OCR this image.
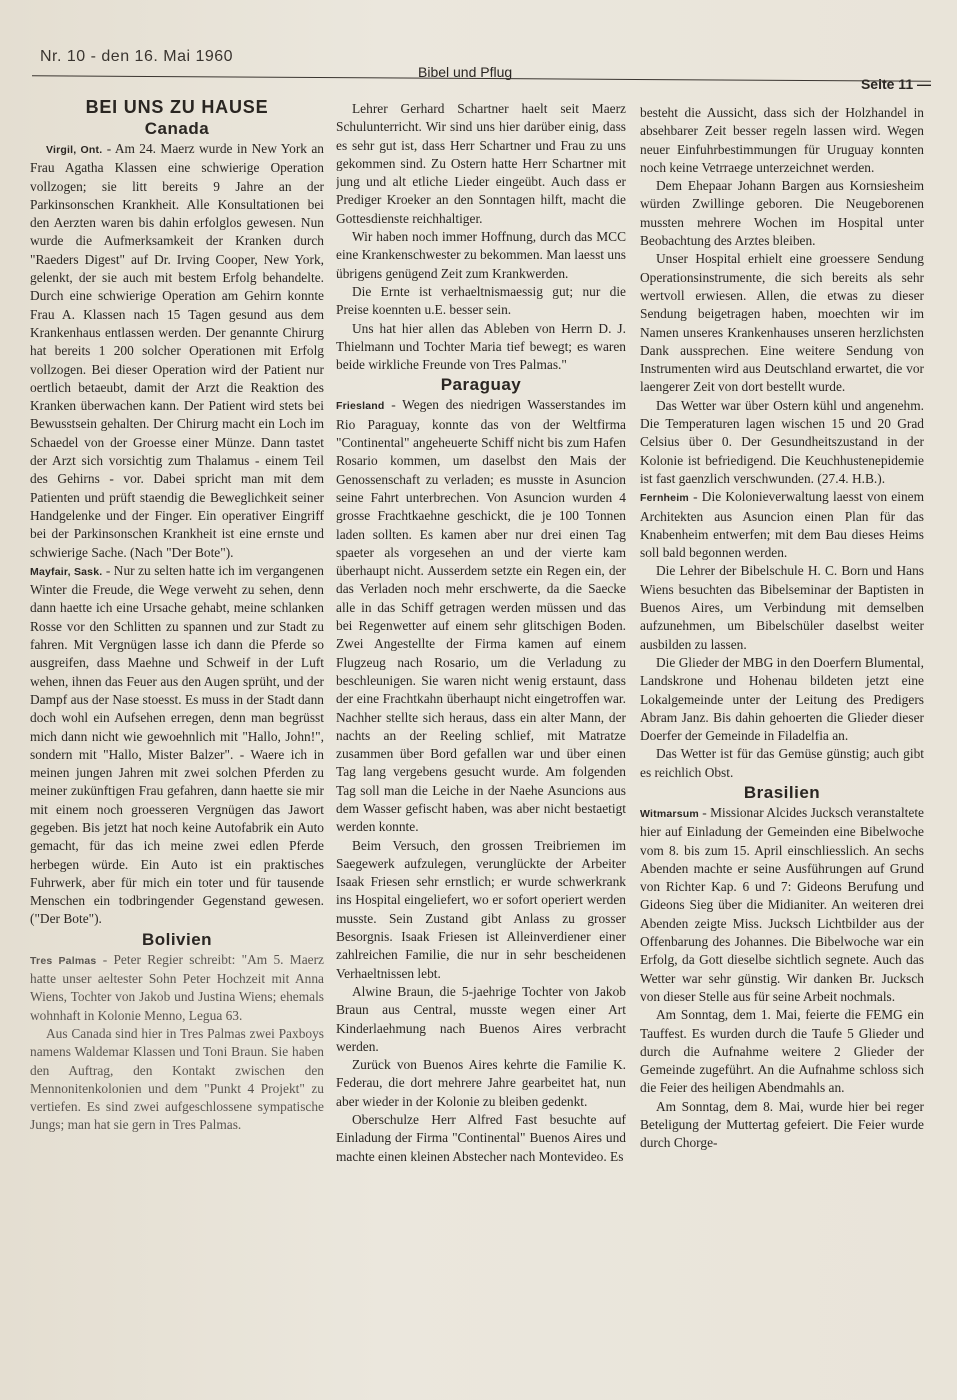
Nr. 10 - den 16. Mai 1960
Bibel und Pflug
Seite 11 —
BEI UNS ZU HAUSE
Canada

Virgil, Ont. - Am 24. Maerz wurde in New York an Frau Agatha Klassen eine schwierige Operation vollzogen; sie litt bereits 9 Jahre an der Parkinsonschen Krankheit. Alle Konsultationen bei den Aerzten waren bis dahin erfolglos gewesen. Nun wurde die Aufmerksamkeit der Kranken durch "Raeders Digest" auf Dr. Irving Cooper, New York, gelenkt, der sie auch mit bestem Erfolg behandelte. Durch eine schwierige Operation am Gehirn konnte Frau A. Klassen nach 15 Tagen gesund aus dem Krankenhaus entlassen werden. Der genannte Chirurg hat bereits 1 200 solcher Operationen mit Erfolg vollzogen. Bei dieser Operation wird der Patient nur oertlich betaeubt, damit der Arzt die Reaktion des Kranken überwachen kann. Der Patient wird stets bei Bewusstsein gehalten. Der Chirurg macht ein Loch im Schaedel von der Groesse einer Münze. Dann tastet der Arzt sich vorsichtig zum Thalamus - einem Teil des Gehirns - vor. Dabei spricht man mit dem Patienten und prüft staendig die Beweglichkeit seiner Handgelenke und der Finger. Ein operativer Eingriff bei der Parkinsonschen Krankheit ist eine ernste und schwierige Sache. (Nach "Der Bote").

Mayfair, Sask. - Nur zu selten hatte ich im vergangenen Winter die Freude, die Wege verweht zu sehen, denn dann haette ich eine Ursache gehabt, meine schlanken Rosse vor den Schlitten zu spannen und zur Stadt zu fahren. Mit Vergnügen lasse ich dann die Pferde so ausgreifen, dass Maehne und Schweif in der Luft wehen, ihnen das Feuer aus den Augen sprüht, und der Dampf aus der Nase stoesst. Es muss in der Stadt dann doch wohl ein Aufsehen erregen, denn man begrüsst mich dann nicht wie gewoehnlich mit "Hallo, John!", sondern mit "Hallo, Mister Balzer". - Waere ich in meinen jungen Jahren mit zwei solchen Pferden zu meiner zukünftigen Frau gefahren, dann haette sie mir mit einem noch groesseren Vergnügen das Jawort gegeben. Bis jetzt hat noch keine Autofabrik ein Auto gemacht, für das ich meine zwei edlen Pferde herbegen würde. Ein Auto ist ein praktisches Fuhrwerk, aber für mich ein toter und für tausende Menschen ein todbringender Gegenstand gewesen. ("Der Bote").

Bolivien

Tres Palmas - Peter Regier schreibt: "Am 5. Maerz hatte unser aeltester Sohn Peter Hochzeit mit Anna Wiens, Tochter von Jakob und Justina Wiens; ehemals wohnhaft in Kolonie Menno, Legua 63.

Aus Canada sind hier in Tres Palmas zwei Paxboys namens Waldemar Klassen und Toni Braun. Sie haben den Auftrag, den Kontakt zwischen den Mennonitenkolonien und dem "Punkt 4 Projekt" zu vertiefen. Es sind zwei aufgeschlossene sympatische Jungs; man hat sie gern in Tres Palmas.

Lehrer Gerhard Schartner haelt seit Maerz Schulunterricht. Wir sind uns hier darüber einig, dass es sehr gut ist, dass Herr Schartner und Frau zu uns gekommen sind. Zu Ostern hatte Herr Schartner mit jung und alt etliche Lieder eingeübt. Auch dass er Prediger Kroeker an den Sonntagen hilft, macht die Gottesdienste reichhaltiger.

Wir haben noch immer Hoffnung, durch das MCC eine Krankenschwester zu bekommen. Man laesst uns übrigens genügend Zeit zum Krankwerden.

Die Ernte ist verhaeltnismaessig gut; nur die Preise koennten u.E. besser sein.

Uns hat hier allen das Ableben von Herrn D. J. Thielmann und Tochter Maria tief bewegt; es waren beide wirkliche Freunde von Tres Palmas."

Paraguay

Friesland - Wegen des niedrigen Wasserstandes im Rio Paraguay, konnte das von der Weltfirma "Continental" angeheuerte Schiff nicht bis zum Hafen Rosario kommen, um daselbst den Mais der Genossenschaft zu verladen; es musste in Asuncion seine Fahrt unterbrechen. Von Asuncion wurden 4 grosse Frachtkaehne geschickt, die je 100 Tonnen laden sollten. Es kamen aber nur drei einen Tag spaeter als vorgesehen an und der vierte kam überhaupt nicht. Ausserdem setzte ein Regen ein, der das Verladen noch mehr erschwerte, da die Saecke alle in das Schiff getragen werden müssen und das bei Regenwetter auf einem sehr glitschigen Boden. Zwei Angestellte der Firma kamen auf einem Flugzeug nach Rosario, um die Verladung zu beschleunigen. Sie waren nicht wenig erstaunt, dass der eine Frachtkahn überhaupt nicht eingetroffen war. Nachher stellte sich heraus, dass ein alter Mann, der nachts an der Reeling schlief, mit Matratze zusammen über Bord gefallen war und über einen Tag lang vergebens gesucht wurde. Am folgenden Tag soll man die Leiche in der Naehe Asuncions aus dem Wasser gefischt haben, was aber nicht bestaetigt werden konnte.

Beim Versuch, den grossen Treibriemen im Saegewerk aufzulegen, verunglückte der Arbeiter Isaak Friesen sehr ernstlich; er wurde schwerkrank ins Hospital eingeliefert, wo er sofort operiert werden musste. Sein Zustand gibt Anlass zu grosser Besorgnis. Isaak Friesen ist Alleinverdiener einer zahlreichen Familie, die nur in sehr bescheidenen Verhaeltnissen lebt.

Alwine Braun, die 5-jaehrige Tochter von Jakob Braun aus Central, musste wegen einer Art Kinderlaehmung nach Buenos Aires verbracht werden.

Zurück von Buenos Aires kehrte die Familie K. Federau, die dort mehrere Jahre gearbeitet hat, nun aber wieder in der Kolonie zu bleiben gedenkt.

Oberschulze Herr Alfred Fast besuchte auf Einladung der Firma "Continental" Buenos Aires und machte einen kleinen Abstecher nach Montevideo. Es

besteht die Aussicht, dass sich der Holzhandel in absehbarer Zeit besser regeln lassen wird. Wegen neuer Einfuhrbestimmungen für Uruguay konnten noch keine Vetrraege unterzeichnet werden.

Dem Ehepaar Johann Bargen aus Kornsiesheim würden Zwillinge geboren. Die Neugeborenen mussten mehrere Wochen im Hospital unter Beobachtung des Arztes bleiben.

Unser Hospital erhielt eine groessere Sendung Operationsinstrumente, die sich bereits als sehr wertvoll erwiesen. Allen, die etwas zu dieser Sendung beigetragen haben, moechten wir im Namen unseres Krankenhauses unseren herzlichsten Dank aussprechen. Eine weitere Sendung von Instrumenten wird aus Deutschland erwartet, die vor laengerer Zeit von dort bestellt wurde.

Das Wetter war über Ostern kühl und angenehm. Die Temperaturen lagen wischen 15 und 20 Grad Celsius über 0. Der Gesundheitszustand in der Kolonie ist befriedigend. Die Keuchhustenepidemie ist fast gaenzlich verschwunden. (27.4. H.B.).

Fernheim - Die Kolonieverwaltung laesst von einem Architekten aus Asuncion einen Plan für das Knabenheim entwerfen; mit dem Bau dieses Heims soll bald begonnen werden.

Die Lehrer der Bibelschule H. C. Born und Hans Wiens besuchten das Bibelseminar der Baptisten in Buenos Aires, um Verbindung mit demselben aufzunehmen, um Bibelschüler daselbst weiter ausbilden zu lassen.

Die Glieder der MBG in den Doerfern Blumental, Landskrone und Hohenau bildeten jetzt eine Lokalgemeinde unter der Leitung des Predigers Abram Janz. Bis dahin gehoerten die Glieder dieser Doerfer der Gemeinde in Filadelfia an.

Das Wetter ist für das Gemüse günstig; auch gibt es reichlich Obst.

Brasilien

Witmarsum - Missionar Alcides Jucksch veranstaltete hier auf Einladung der Gemeinden eine Bibelwoche vom 8. bis zum 15. April einschliesslich. An sechs Abenden machte er seine Ausführungen auf Grund von Richter Kap. 6 und 7: Gideons Berufung und Gideons Sieg über die Midianiter. An weiteren drei Abenden zeigte Miss. Jucksch Lichtbilder aus der Offenbarung des Johannes. Die Bibelwoche war ein Erfolg, da Gott dieselbe sichtlich segnete. Auch das Wetter war sehr günstig. Wir danken Br. Jucksch von dieser Stelle aus für seine Arbeit nochmals.

Am Sonntag, dem 1. Mai, feierte die FEMG ein Tauffest. Es wurden durch die Taufe 5 Glieder und durch die Aufnahme weitere 2 Glieder der Gemeinde zugeführt. An die Aufnahme schloss sich die Feier des heiligen Abendmahls an.

Am Sonntag, dem 8. Mai, wurde hier bei reger Beteligung der Muttertag gefeiert. Die Feier wurde durch Chorge-
